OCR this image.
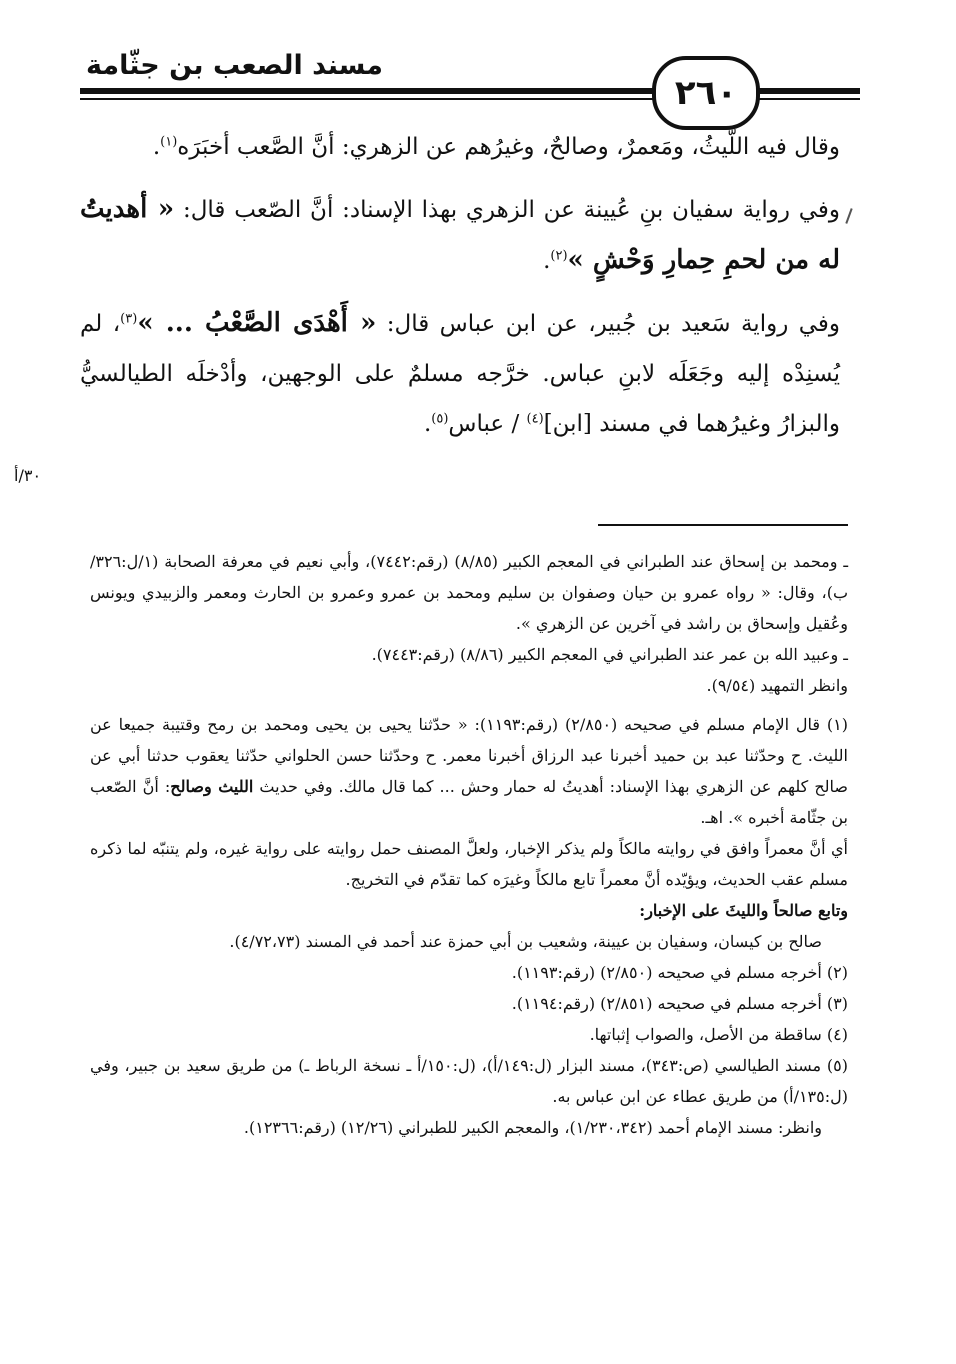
مسند الصعب بن جثّامة
٢٦٠

وقال فيه اللّيثُ، ومَعمرٌ، وصالحٌ، وغيرُهم عن الزهري: أنَّ الصَّعب أخبَرَه$^{(١)}$.

وفي رواية سفيان بنِ عُيينة عن الزهري بهذا الإسناد: أنَّ الصّعب قال: « أهديتُ له من لحمِ حِمارِ وَحْشٍ »$^{(٢)}$.

وفي رواية سَعيد بن جُبير، عن ابن عباس قال: « أَهْدَى الصَّعْبُ ... »$^{(٣)}$، لم يُسنِدْه إليه وجَعَلَه لابنِ عباس. خرَّجه مسلمٌ على الوجهين، وأدْخلَه الطيالسيُّ والبزارُ وغيرُهما في مسند [ابن]$^{(٤)}$ / عباس$^{(٥)}$.

٣٠/أ

ـ ومحمد بن إسحاق عند الطبراني في المعجم الكبير (٨/٨٥) (رقم:٧٤٤٢)، وأبي نعيم في معرفة الصحابة (١/ل:٣٢٦/ب)، وقال: « رواه عمرو بن حيان وصفوان بن سليم ومحمد بن عمرو وعمرو بن الحارث ومعمر والزبيدي ويونس وعُقيل وإسحاق بن راشد في آخرين عن الزهري ».

ـ وعبيد الله بن عمر عند الطبراني في المعجم الكبير (٨/٨٦) (رقم:٧٤٤٣).

وانظر التمهيد (٩/٥٤).

(١) قال الإمام مسلم في صحيحه (٢/٨٥٠) (رقم:١١٩٣): « حدّثنا يحيى بن يحيى ومحمد بن رمح وقتيبة جميعا عن الليث. ح وحدّثنا عبد بن حميد أخبرنا عبد الرزاق أخبرنا معمر. ح وحدّثنا حسن الحلواني حدّثنا يعقوب حدثنا أبي عن صالح كلهم عن الزهري بهذا الإسناد: أهديتُ له حمار وحش ... كما قال مالك. وفي حديث الليث وصالح: أنَّ الصّعب بن جثّامة أخبره ». اهـ.

أي أنَّ معمراً وافق في روايته مالكاً ولم يذكر الإخبار، ولعلَّ المصنف حمل روايته على رواية غيره، ولم يتنبّه لما ذكره مسلم عقب الحديث، ويؤيّده أنَّ معمراً تابع مالكاً وغيرَه كما تقدّم في التخريج.

وتابع صالحاً والليثَ على الإخبار:

صالح بن كيسان، وسفيان بن عيينة، وشعيب بن أبي حمزة عند أحمد في المسند (٤/٧٢،٧٣).

(٢) أخرجه مسلم في صحيحه (٢/٨٥٠) (رقم:١١٩٣).

(٣) أخرجه مسلم في صحيحه (٢/٨٥١) (رقم:١١٩٤).

(٤) ساقطة من الأصل، والصواب إثباتها.

(٥) مسند الطيالسي (ص:٣٤٣)، مسند البزار (ل:١٤٩/أ)، (ل:١٥٠/أ ـ نسخة الرباط ـ) من طريق سعيد بن جبير، وفي (ل:١٣٥/أ) من طريق عطاء عن ابن عباس به.

وانظر: مسند الإمام أحمد (١/٢٣٠،٣٤٢)، والمعجم الكبير للطبراني (١٢/٢٦) (رقم:١٢٣٦٦).
